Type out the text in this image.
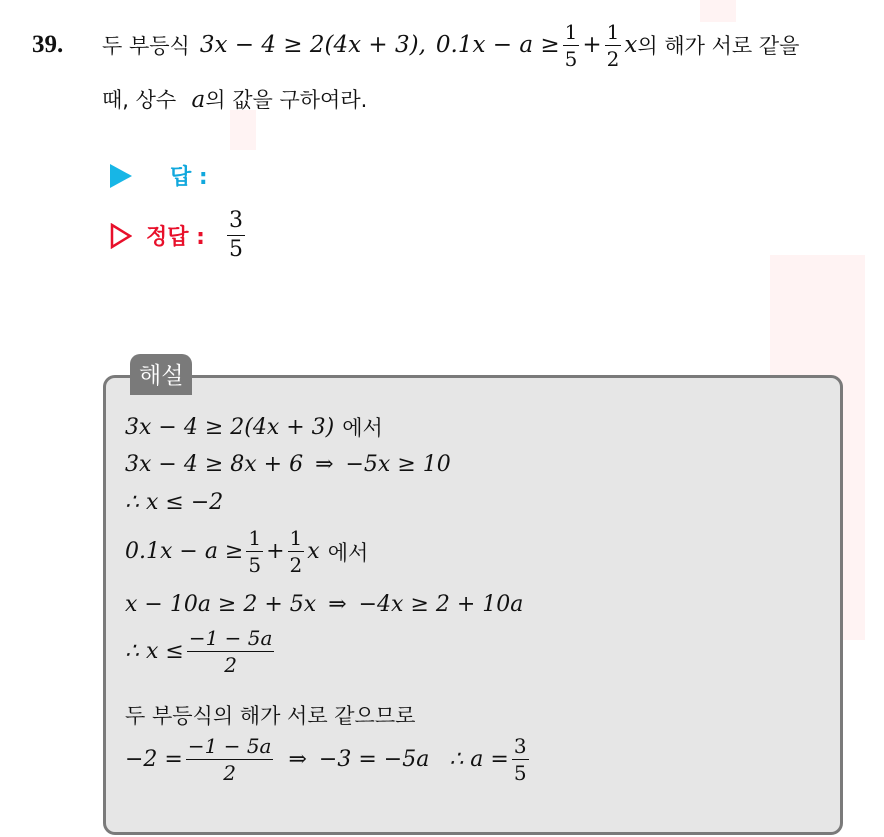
39.	두 부등식 3x − 4 ≥ 2(4x + 3), $0.1x - a \ge \frac{1}{5} + \frac{1}{2}$ x 의 해가 서로 같을
때, 상수 a의 값을 구하여라.
답 :
정답 : $\frac{3}{5}$
해설
3x − 4 ≥ 2(4x + 3) 에서
3x − 4 ≥ 8x + 6 ⇒ −5x ≥ 10
∴ x ≤ −2
$0.1x - a \ge \frac{1}{5} + \frac{1}{2}$ x 에서
x − 10a ≥ 2 + 5x ⇒ −4x ≥ 2 + 10a
∴ $x \le \frac{-1 - 5a}{2}$
두 부등식의 해가 서로 같으므로
$-2 = \frac{-1 - 5a}{2}$ ⇒ −3 = −5a ∴ $a = \frac{3}{5}$
